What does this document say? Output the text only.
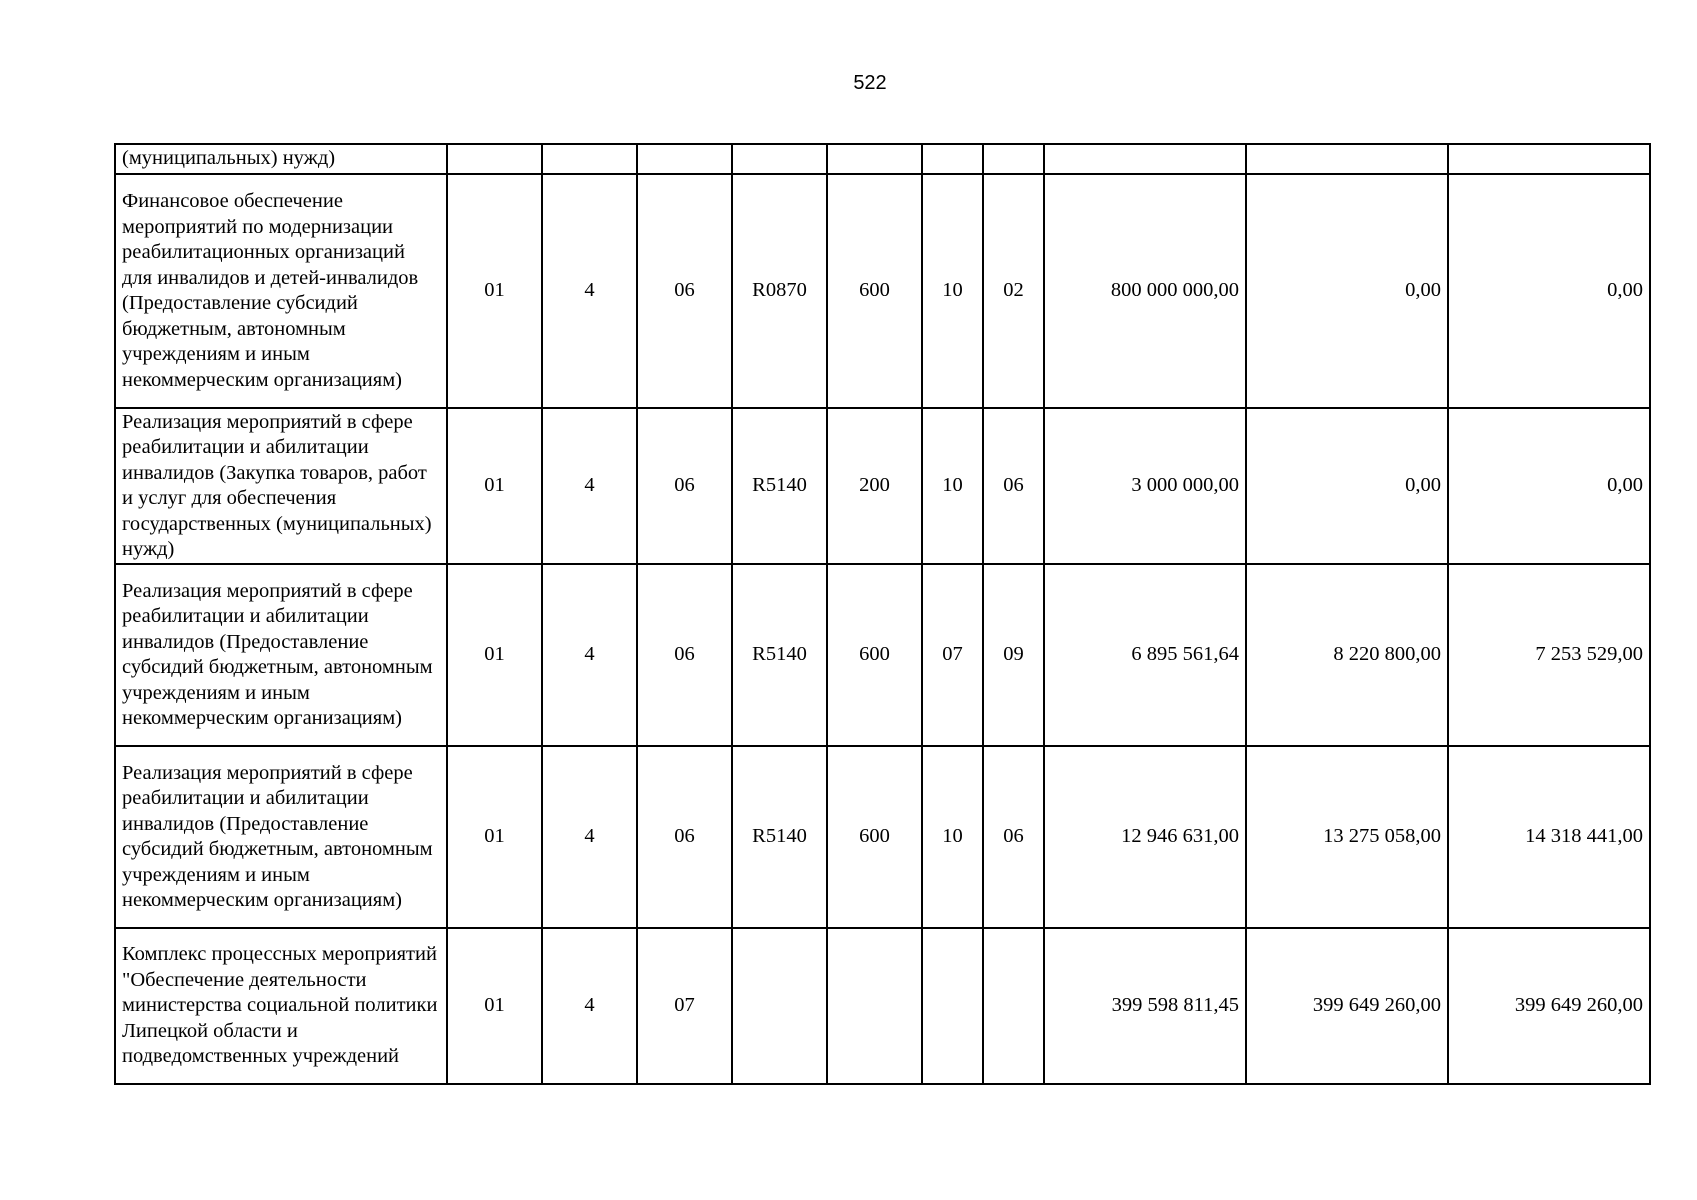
522
(муниципальных) нужд)										
Финансовое обеспечение мероприятий по модернизации реабилитационных организаций для инвалидов и детей-инвалидов (Предоставление субсидий бюджетным, автономным учреждениям и иным некоммерческим организациям)	01	4	06	R0870	600	10	02	800 000 000,00	0,00	0,00
Реализация мероприятий в сфере реабилитации и абилитации инвалидов (Закупка товаров, работ и услуг для обеспечения государственных (муниципальных) нужд)	01	4	06	R5140	200	10	06	3 000 000,00	0,00	0,00
Реализация мероприятий в сфере реабилитации и абилитации инвалидов (Предоставление субсидий бюджетным, автономным учреждениям и иным некоммерческим организациям)	01	4	06	R5140	600	07	09	6 895 561,64	8 220 800,00	7 253 529,00
Реализация мероприятий в сфере реабилитации и абилитации инвалидов (Предоставление субсидий бюджетным, автономным учреждениям и иным некоммерческим организациям)	01	4	06	R5140	600	10	06	12 946 631,00	13 275 058,00	14 318 441,00
Комплекс процессных мероприятий "Обеспечение деятельности министерства социальной политики Липецкой области и подведомственных учреждений	01	4	07					399 598 811,45	399 649 260,00	399 649 260,00
